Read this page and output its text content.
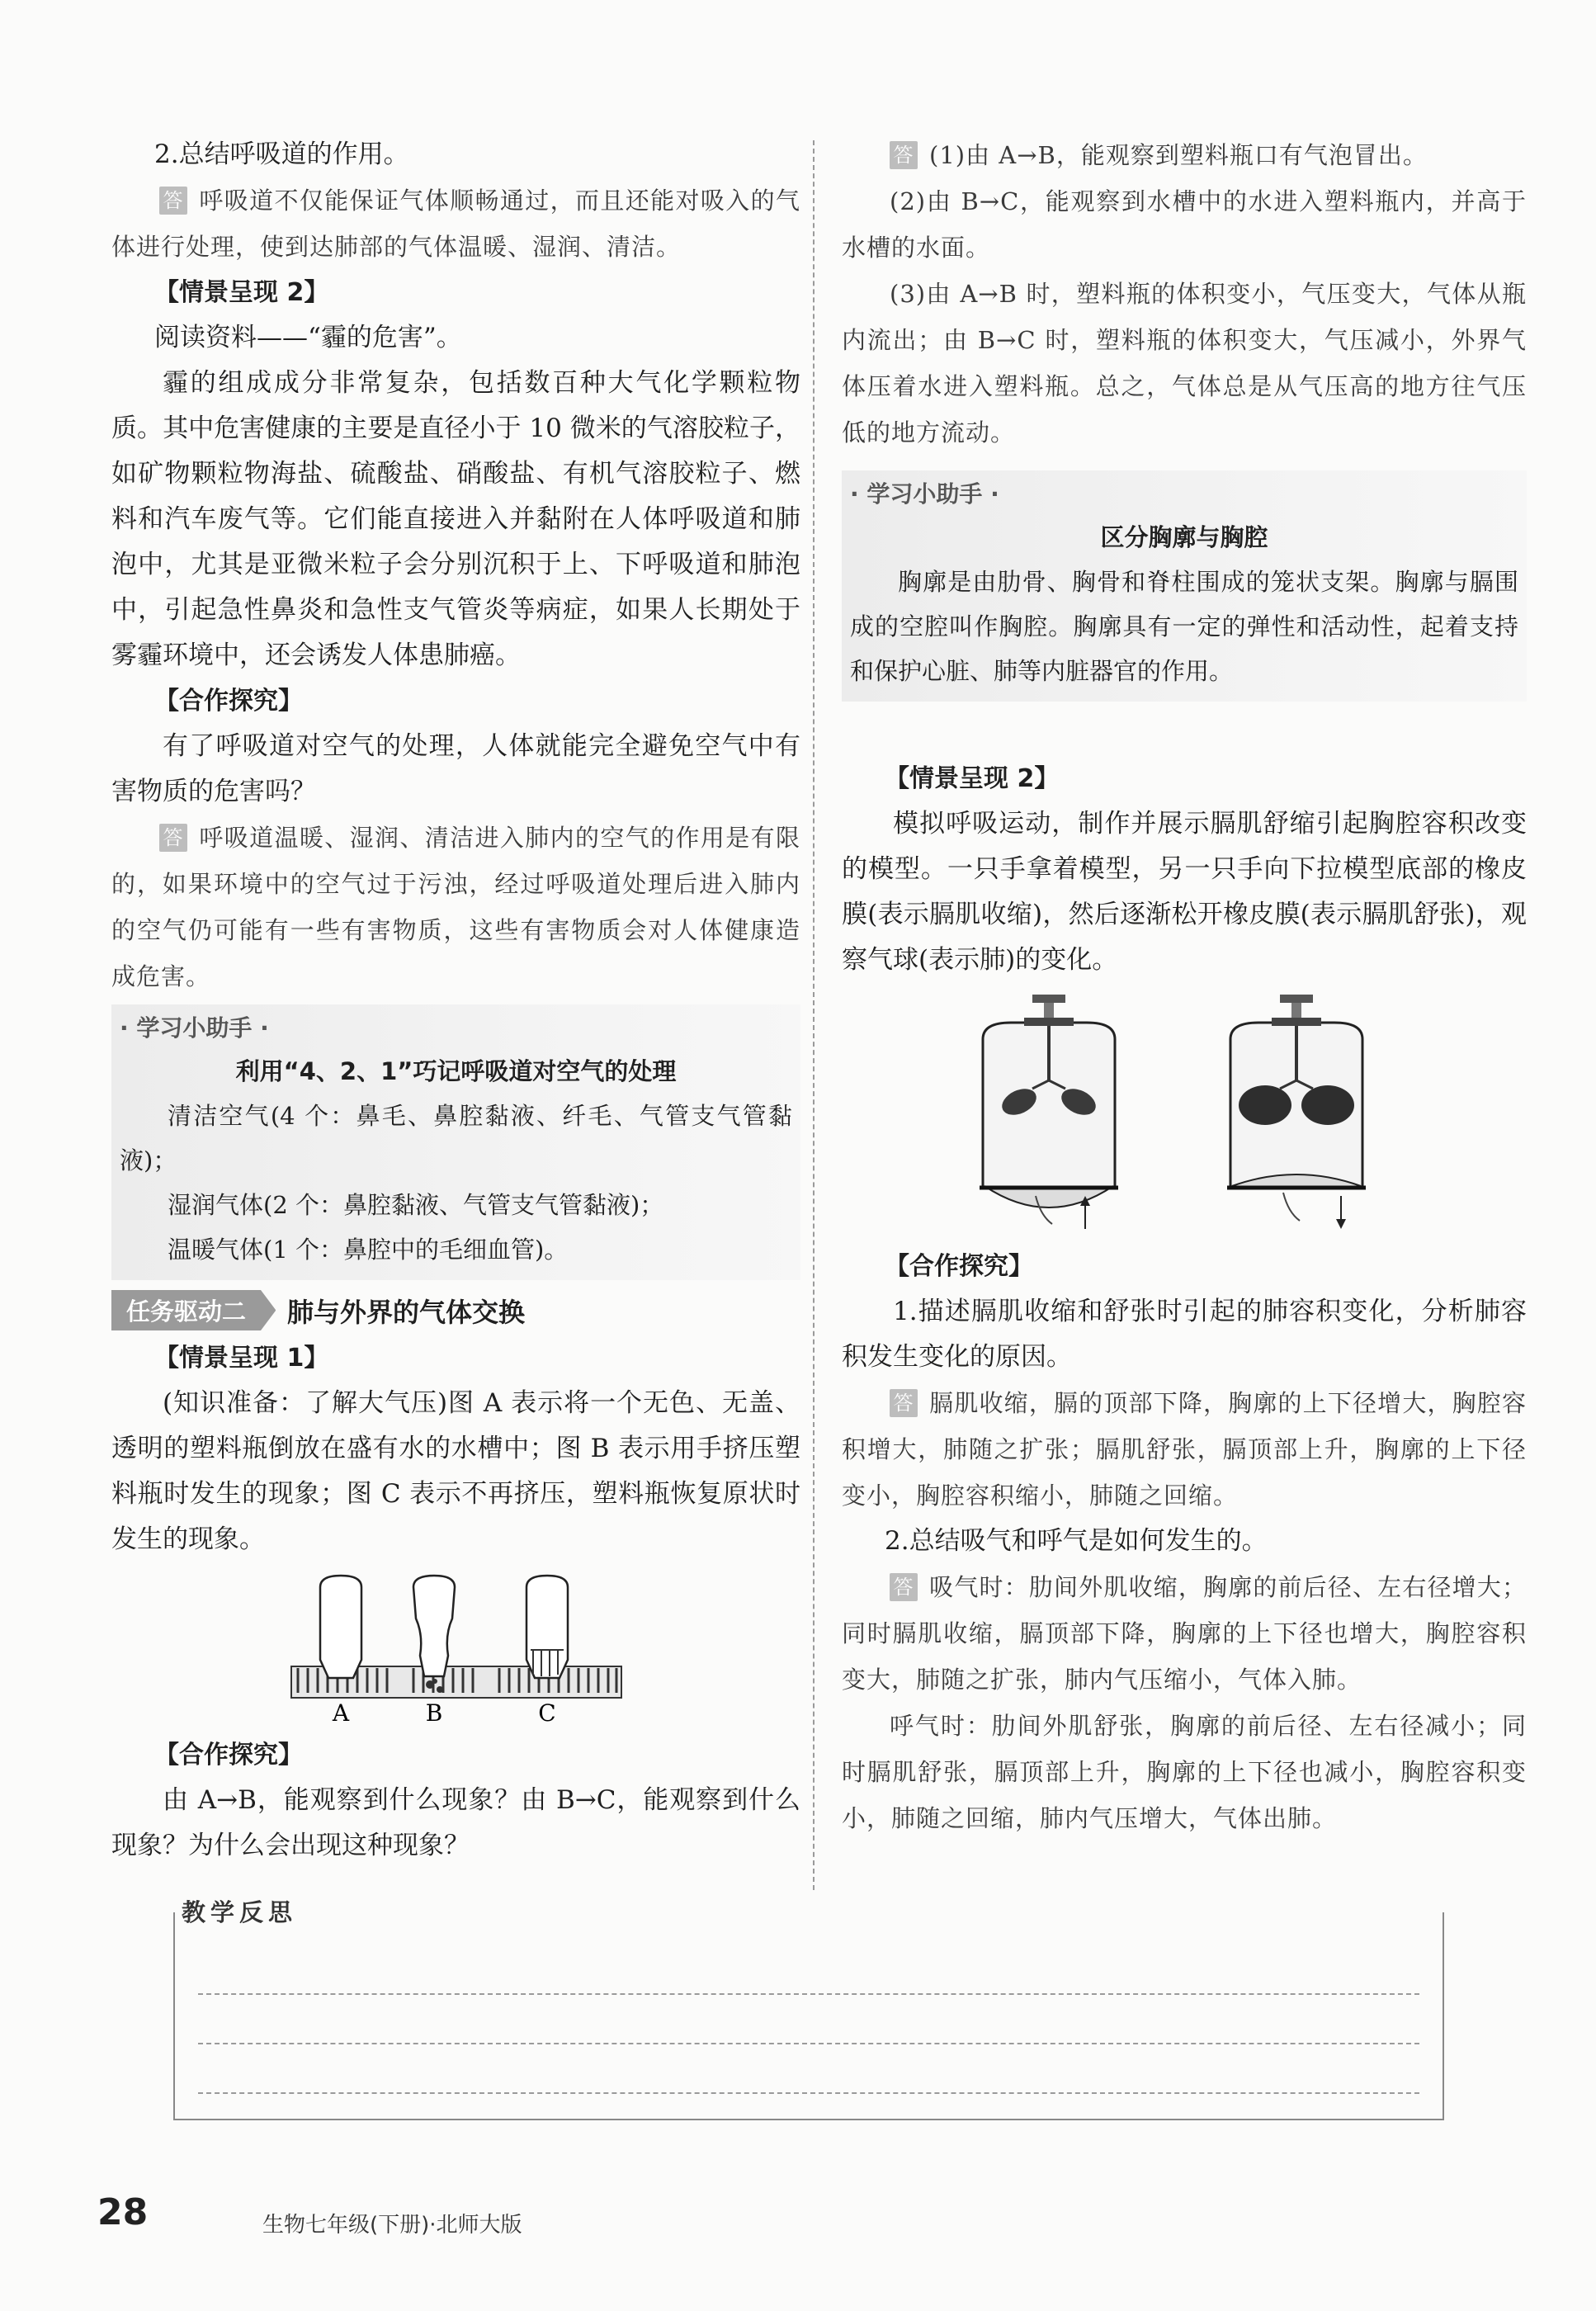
2.总结呼吸道的作用。

答 呼吸道不仅能保证气体顺畅通过，而且还能对吸入的气体进行处理，使到达肺部的气体温暖、湿润、清洁。

【情景呈现 2】

阅读资料——“霾的危害”。

霾的组成成分非常复杂，包括数百种大气化学颗粒物质。其中危害健康的主要是直径小于 10 微米的气溶胶粒子，如矿物颗粒物海盐、硫酸盐、硝酸盐、有机气溶胶粒子、燃料和汽车废气等。它们能直接进入并黏附在人体呼吸道和肺泡中，尤其是亚微米粒子会分别沉积于上、下呼吸道和肺泡中，引起急性鼻炎和急性支气管炎等病症，如果人长期处于雾霾环境中，还会诱发人体患肺癌。

【合作探究】

有了呼吸道对空气的处理，人体就能完全避免空气中有害物质的危害吗？

答 呼吸道温暖、湿润、清洁进入肺内的空气的作用是有限的，如果环境中的空气过于污浊，经过呼吸道处理后进入肺内的空气仍可能有一些有害物质，这些有害物质会对人体健康造成危害。

· 学习小助手 ·

利用“4、2、1”巧记呼吸道对空气的处理

清洁空气(4 个：鼻毛、鼻腔黏液、纤毛、气管支气管黏液)；

湿润气体(2 个：鼻腔黏液、气管支气管黏液)；

温暖气体(1 个：鼻腔中的毛细血管)。

任务驱动二	肺与外界的气体交换

【情景呈现 1】

(知识准备：了解大气压)图 A 表示将一个无色、无盖、透明的塑料瓶倒放在盛有水的水槽中；图 B 表示用手挤压塑料瓶时发生的现象；图 C 表示不再挤压，塑料瓶恢复原状时发生的现象。

A	B	C

【合作探究】

由 A→B，能观察到什么现象？由 B→C，能观察到什么现象？为什么会出现这种现象？

答 (1)由 A→B，能观察到塑料瓶口有气泡冒出。

(2)由 B→C，能观察到水槽中的水进入塑料瓶内，并高于水槽的水面。

(3)由 A→B 时，塑料瓶的体积变小，气压变大，气体从瓶内流出；由 B→C 时，塑料瓶的体积变大，气压减小，外界气体压着水进入塑料瓶。总之，气体总是从气压高的地方往气压低的地方流动。

· 学习小助手 ·

区分胸廓与胸腔

胸廓是由肋骨、胸骨和脊柱围成的笼状支架。胸廓与膈围成的空腔叫作胸腔。胸廓具有一定的弹性和活动性，起着支持和保护心脏、肺等内脏器官的作用。

【情景呈现 2】

模拟呼吸运动，制作并展示膈肌舒缩引起胸腔容积改变的模型。一只手拿着模型，另一只手向下拉模型底部的橡皮膜(表示膈肌收缩)，然后逐渐松开橡皮膜(表示膈肌舒张)，观察气球(表示肺)的变化。

【合作探究】

1.描述膈肌收缩和舒张时引起的肺容积变化，分析肺容积发生变化的原因。

答 膈肌收缩，膈的顶部下降，胸廓的上下径增大，胸腔容积增大，肺随之扩张；膈肌舒张，膈顶部上升，胸廓的上下径变小，胸腔容积缩小，肺随之回缩。

2.总结吸气和呼气是如何发生的。

答 吸气时：肋间外肌收缩，胸廓的前后径、左右径增大；同时膈肌收缩，膈顶部下降，胸廓的上下径也增大，胸腔容积变大，肺随之扩张，肺内气压缩小，气体入肺。

呼气时：肋间外肌舒张，胸廓的前后径、左右径减小；同时膈肌舒张，膈顶部上升，胸廓的上下径也减小，胸腔容积变小，肺随之回缩，肺内气压增大，气体出肺。

教学反思
28	生物七年级(下册)·北师大版
